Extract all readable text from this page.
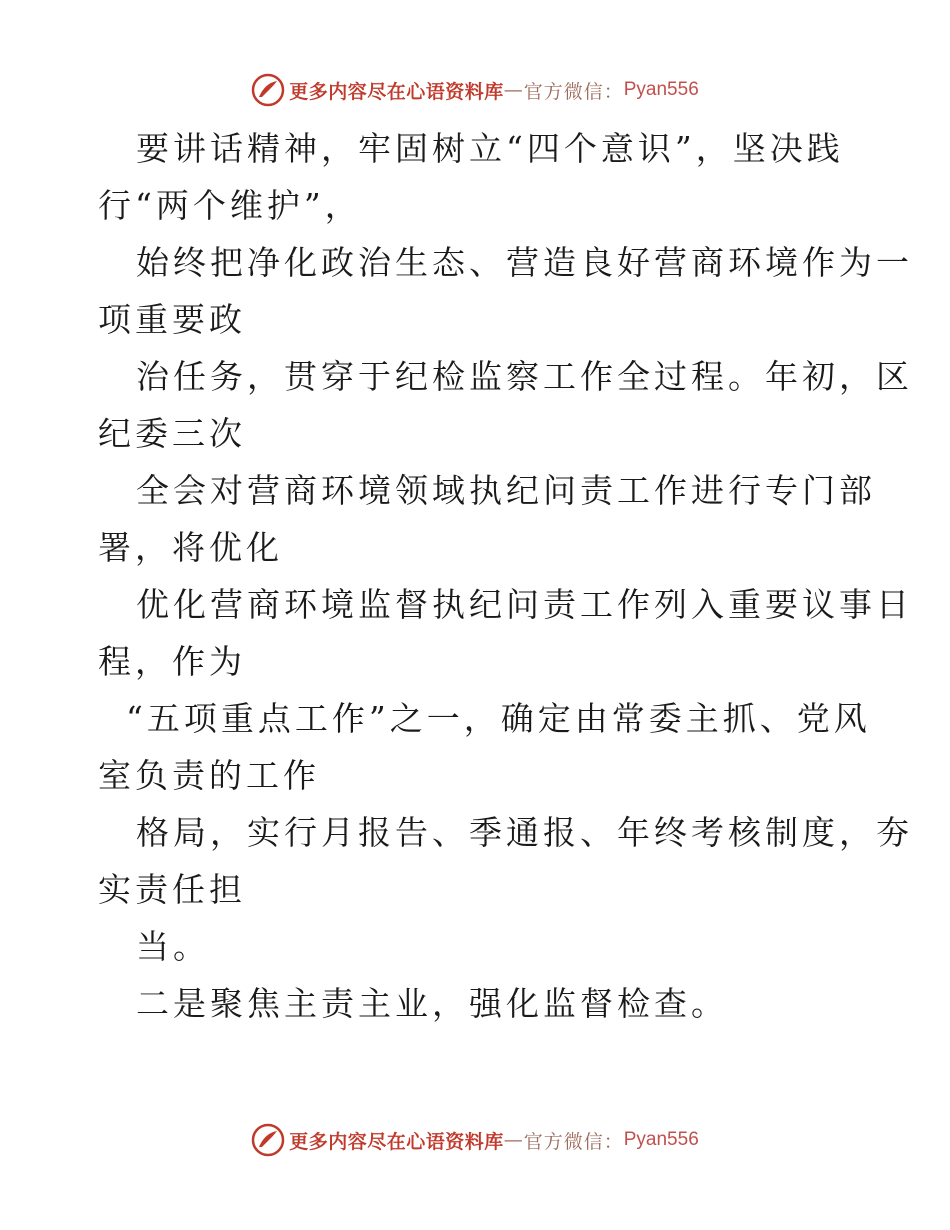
更多内容尽在心语资料库 — 官方微信： Pyan556
要讲话精神，牢固树立“四个意识”，坚决践
行“两个维护”，
始终把净化政治生态、营造良好营商环境作为一
项重要政
治任务，贯穿于纪检监察工作全过程。年初，区
纪委三次
全会对营商环境领域执纪问责工作进行专门部
署，将优化
优化营商环境监督执纪问责工作列入重要议事日
程，作为
“五项重点工作”之一，确定由常委主抓、党风
室负责的工作
格局，实行月报告、季通报、年终考核制度，夯
实责任担
当。
二是聚焦主责主业，强化监督检查。
更多内容尽在心语资料库 — 官方微信： Pyan556
